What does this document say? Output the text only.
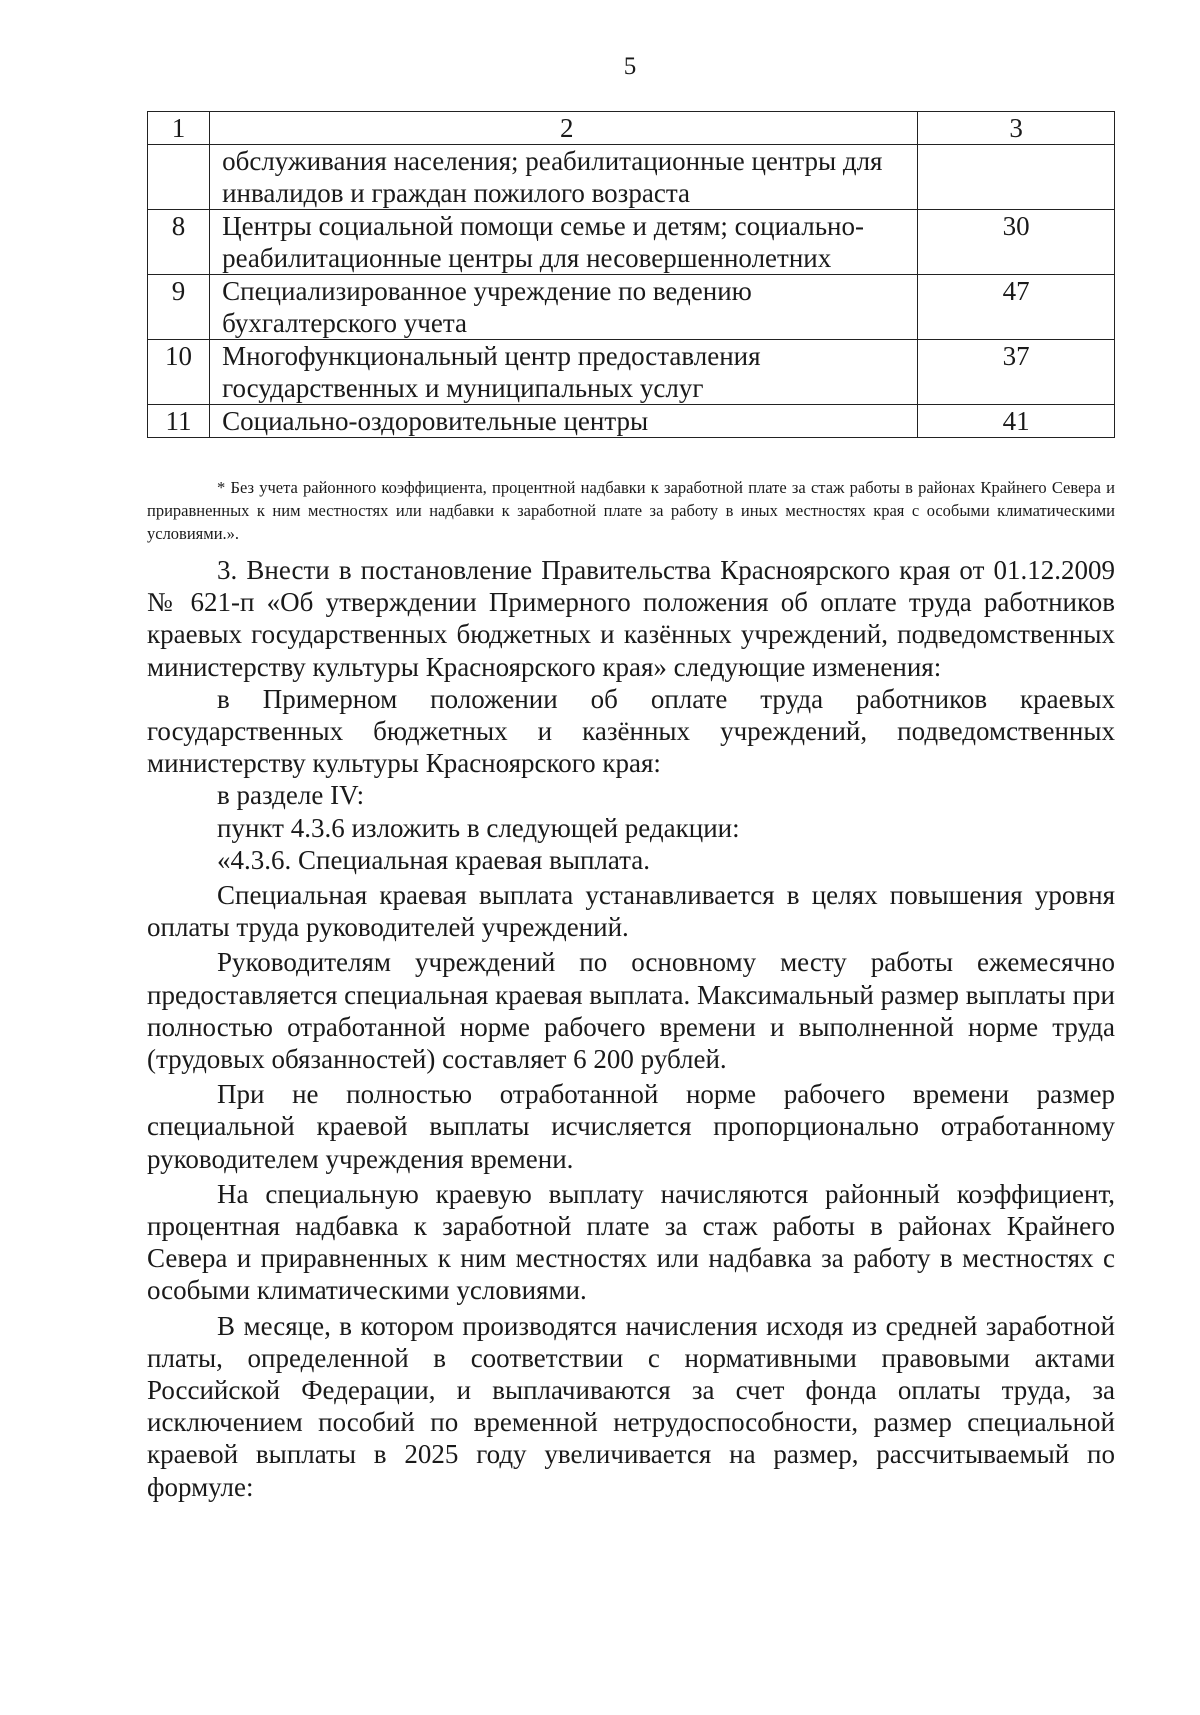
5
1	2	3
	обслуживания населения; реабилитационные центры для инвалидов и граждан пожилого возраста	
8	Центры социальной помощи семье и детям; социально-реабилитационные центры для несовершеннолетних	30
9	Специализированное учреждение по ведению бухгалтерского учета	47
10	Многофункциональный центр предоставления государственных и муниципальных услуг	37
11	Социально-оздоровительные центры	41
* Без учета районного коэффициента, процентной надбавки к заработной плате за стаж работы в районах Крайнего Севера и приравненных к ним местностях или надбавки к заработной плате за работу в иных местностях края с особыми климатическими условиями.».

3. Внести в постановление Правительства Красноярского края от 01.12.2009 № 621-п «Об утверждении Примерного положения об оплате труда работников краевых государственных бюджетных и казённых учреждений, подведомственных министерству культуры Красноярского края» следующие изменения:

в Примерном положении об оплате труда работников краевых государственных бюджетных и казённых учреждений, подведомственных министерству культуры Красноярского края:

в разделе IV:

пункт 4.3.6 изложить в следующей редакции:

«4.3.6. Специальная краевая выплата.

Специальная краевая выплата устанавливается в целях повышения уровня оплаты труда руководителей учреждений.

Руководителям учреждений по основному месту работы ежемесячно предоставляется специальная краевая выплата. Максимальный размер выплаты при полностью отработанной норме рабочего времени и выполненной норме труда (трудовых обязанностей) составляет 6 200 рублей.

При не полностью отработанной норме рабочего времени размер специальной краевой выплаты исчисляется пропорционально отработанному руководителем учреждения времени.

На специальную краевую выплату начисляются районный коэффициент, процентная надбавка к заработной плате за стаж работы в районах Крайнего Севера и приравненных к ним местностях или надбавка за работу в местностях с особыми климатическими условиями.

В месяце, в котором производятся начисления исходя из средней заработной платы, определенной в соответствии с нормативными правовыми актами Российской Федерации, и выплачиваются за счет фонда оплаты труда, за исключением пособий по временной нетрудоспособности, размер специальной краевой выплаты в 2025 году увеличивается на размер, рассчитываемый по формуле:
